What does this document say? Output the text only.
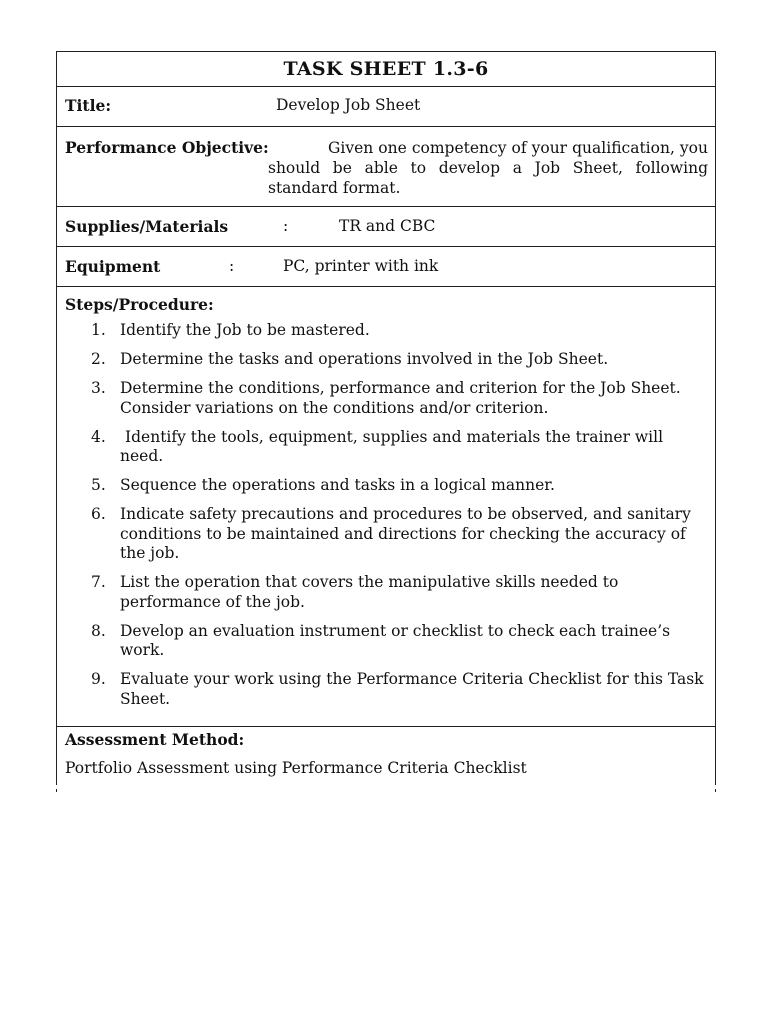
TASK SHEET 1.3-6
Title:	Develop Job Sheet
Performance Objective:	Given one competency of your qualification, you should be able to develop a Job Sheet, following standard format.
Supplies/Materials	:	TR and CBC
Equipment	:	PC, printer with ink
Steps/Procedure:
1. Identify the Job to be mastered.
2. Determine the tasks and operations involved in the Job Sheet.
3. Determine the conditions, performance and criterion for the Job Sheet. Consider variations on the conditions and/or criterion.
4. Identify the tools, equipment, supplies and materials the trainer will need.
5. Sequence the operations and tasks in a logical manner.
6. Indicate safety precautions and procedures to be observed, and sanitary conditions to be maintained and directions for checking the accuracy of the job.
7. List the operation that covers the manipulative skills needed to performance of the job.
8. Develop an evaluation instrument or checklist to check each trainee’s work.
9. Evaluate your work using the Performance Criteria Checklist for this Task Sheet.
Assessment Method:
Portfolio Assessment using Performance Criteria Checklist
